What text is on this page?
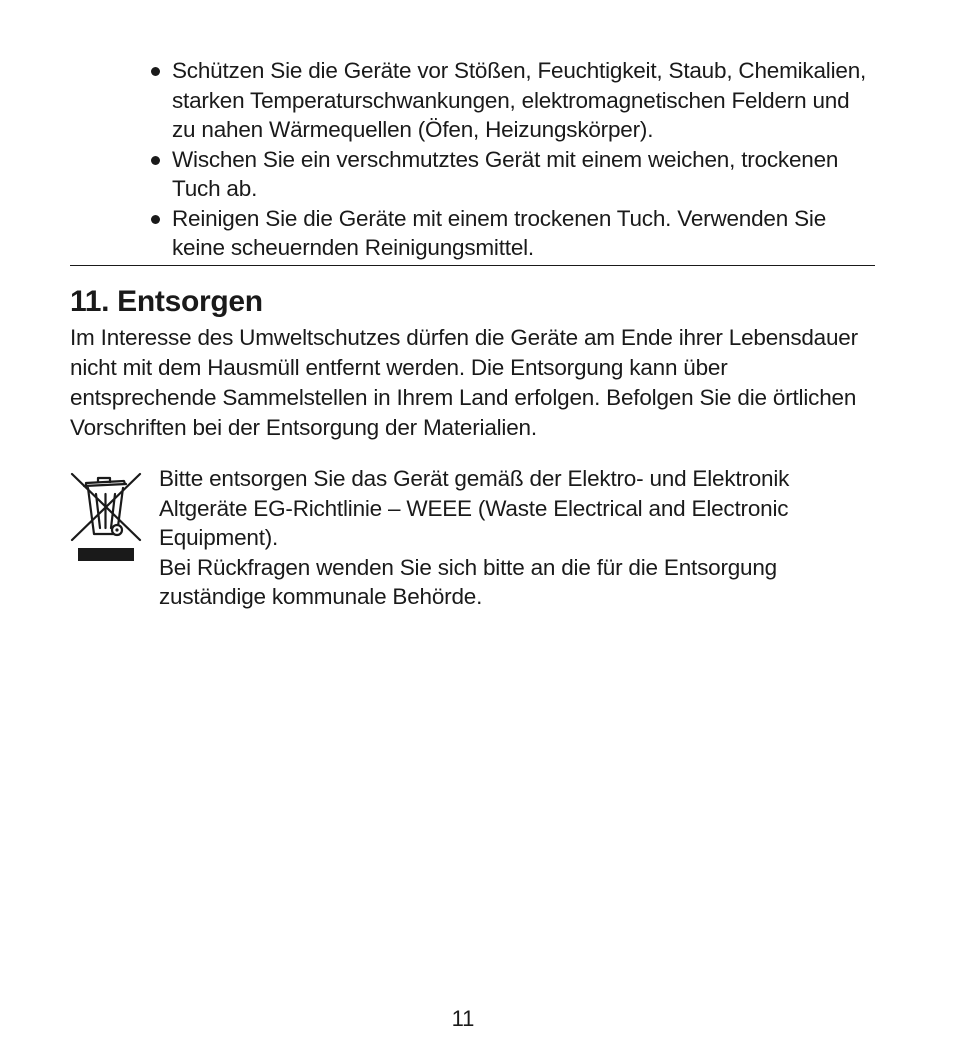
Schützen Sie die Geräte vor Stößen, Feuchtigkeit, Staub, Chemikalien, starken Temperaturschwankungen, elektromagnetischen Feldern und zu nahen Wärmequellen (Öfen, Heizungskörper).
Wischen Sie ein verschmutztes Gerät mit einem weichen, trockenen Tuch ab.
Reinigen Sie die Geräte mit einem trockenen Tuch. Verwenden Sie keine scheuernden Reinigungsmittel.
11. Entsorgen

Im Interesse des Umweltschutzes dürfen die Geräte am Ende ihrer Lebensdauer nicht mit dem Hausmüll entfernt werden. Die Entsorgung kann über entsprechende Sammelstellen in Ihrem Land erfolgen. Befolgen Sie die örtlichen Vorschriften bei der Entsorgung der Materialien.

Bitte entsorgen Sie das Gerät gemäß der Elektro- und Elektronik Altgeräte EG-Richtlinie – WEEE (Waste Electrical and Electronic Equipment).
Bei Rückfragen wenden Sie sich bitte an die für die Entsorgung zuständige kommunale Behörde.
11
